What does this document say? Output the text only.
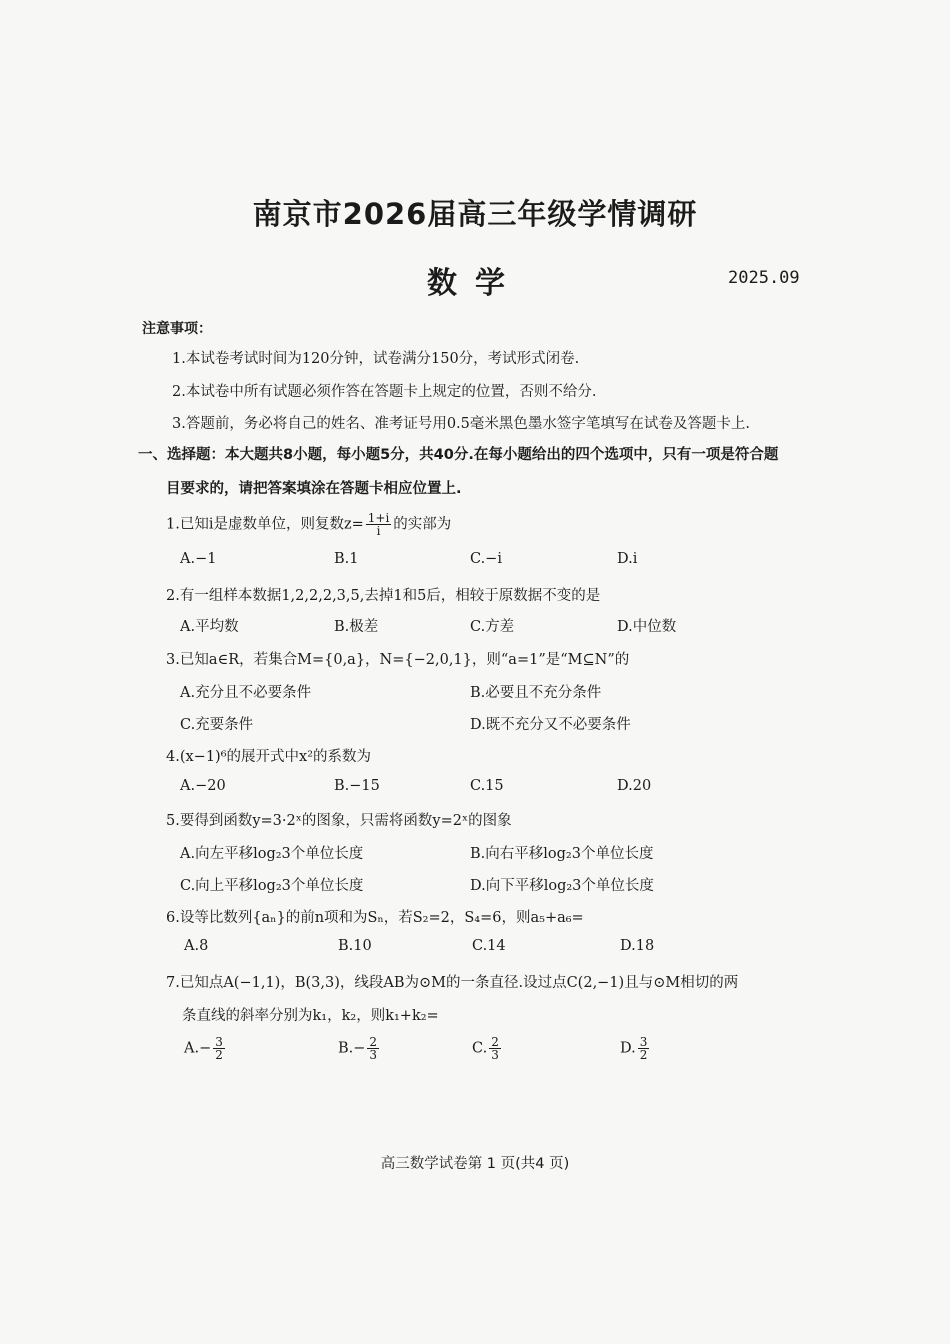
南京市2026届高三年级学情调研
数学	2025.09
注意事项：
1.本试卷考试时间为120分钟，试卷满分150分，考试形式闭卷.
2.本试卷中所有试题必须作答在答题卡上规定的位置，否则不给分.
3.答题前，务必将自己的姓名、准考证号用0.5毫米黑色墨水签字笔填写在试卷及答题卡上.
一、选择题：本大题共8小题，每小题5分，共40分.在每小题给出的四个选项中，只有一项是符合题
目要求的，请把答案填涂在答题卡相应位置上.
1.已知i是虚数单位，则复数$z= \frac{1+i}{i}$ 的实部为
A.−1	B.1	C.−i	D.i
2.有一组样本数据1,2,2,2,3,5,去掉1和5后，相较于原数据不变的是
A.平均数	B.极差	C.方差	D.中位数
3.已知a∈R，若集合M={0,a}，N={−2,0,1}，则“a=1”是“M⊆N”的
A.充分且不必要条件	B.必要且不充分条件
C.充要条件	D.既不充分又不必要条件
4.(x−1)⁶的展开式中x²的系数为
A.−20	B.−15	C.15	D.20
5.要得到函数y=3·2ˣ的图象，只需将函数y=2ˣ的图象
A.向左平移log₂3个单位长度	B.向右平移log₂3个单位长度
C.向上平移log₂3个单位长度	D.向下平移log₂3个单位长度
6.设等比数列{aₙ}的前n项和为Sₙ，若S₂=2，S₄=6，则a₅+a₆=
A.8	B.10	C.14	D.18
7.已知点A(−1,1)，B(3,3)，线段AB为⊙M的一条直径.设过点C(2,−1)且与⊙M相切的两
条直线的斜率分别为k₁，k₂，则k₁+k₂=
$A.- \frac{3}{2}$	$B.- \frac{2}{3}$	C. $\frac{2}{3}$	D. $\frac{3}{2}$
高三数学试卷第 1 页(共4 页)
